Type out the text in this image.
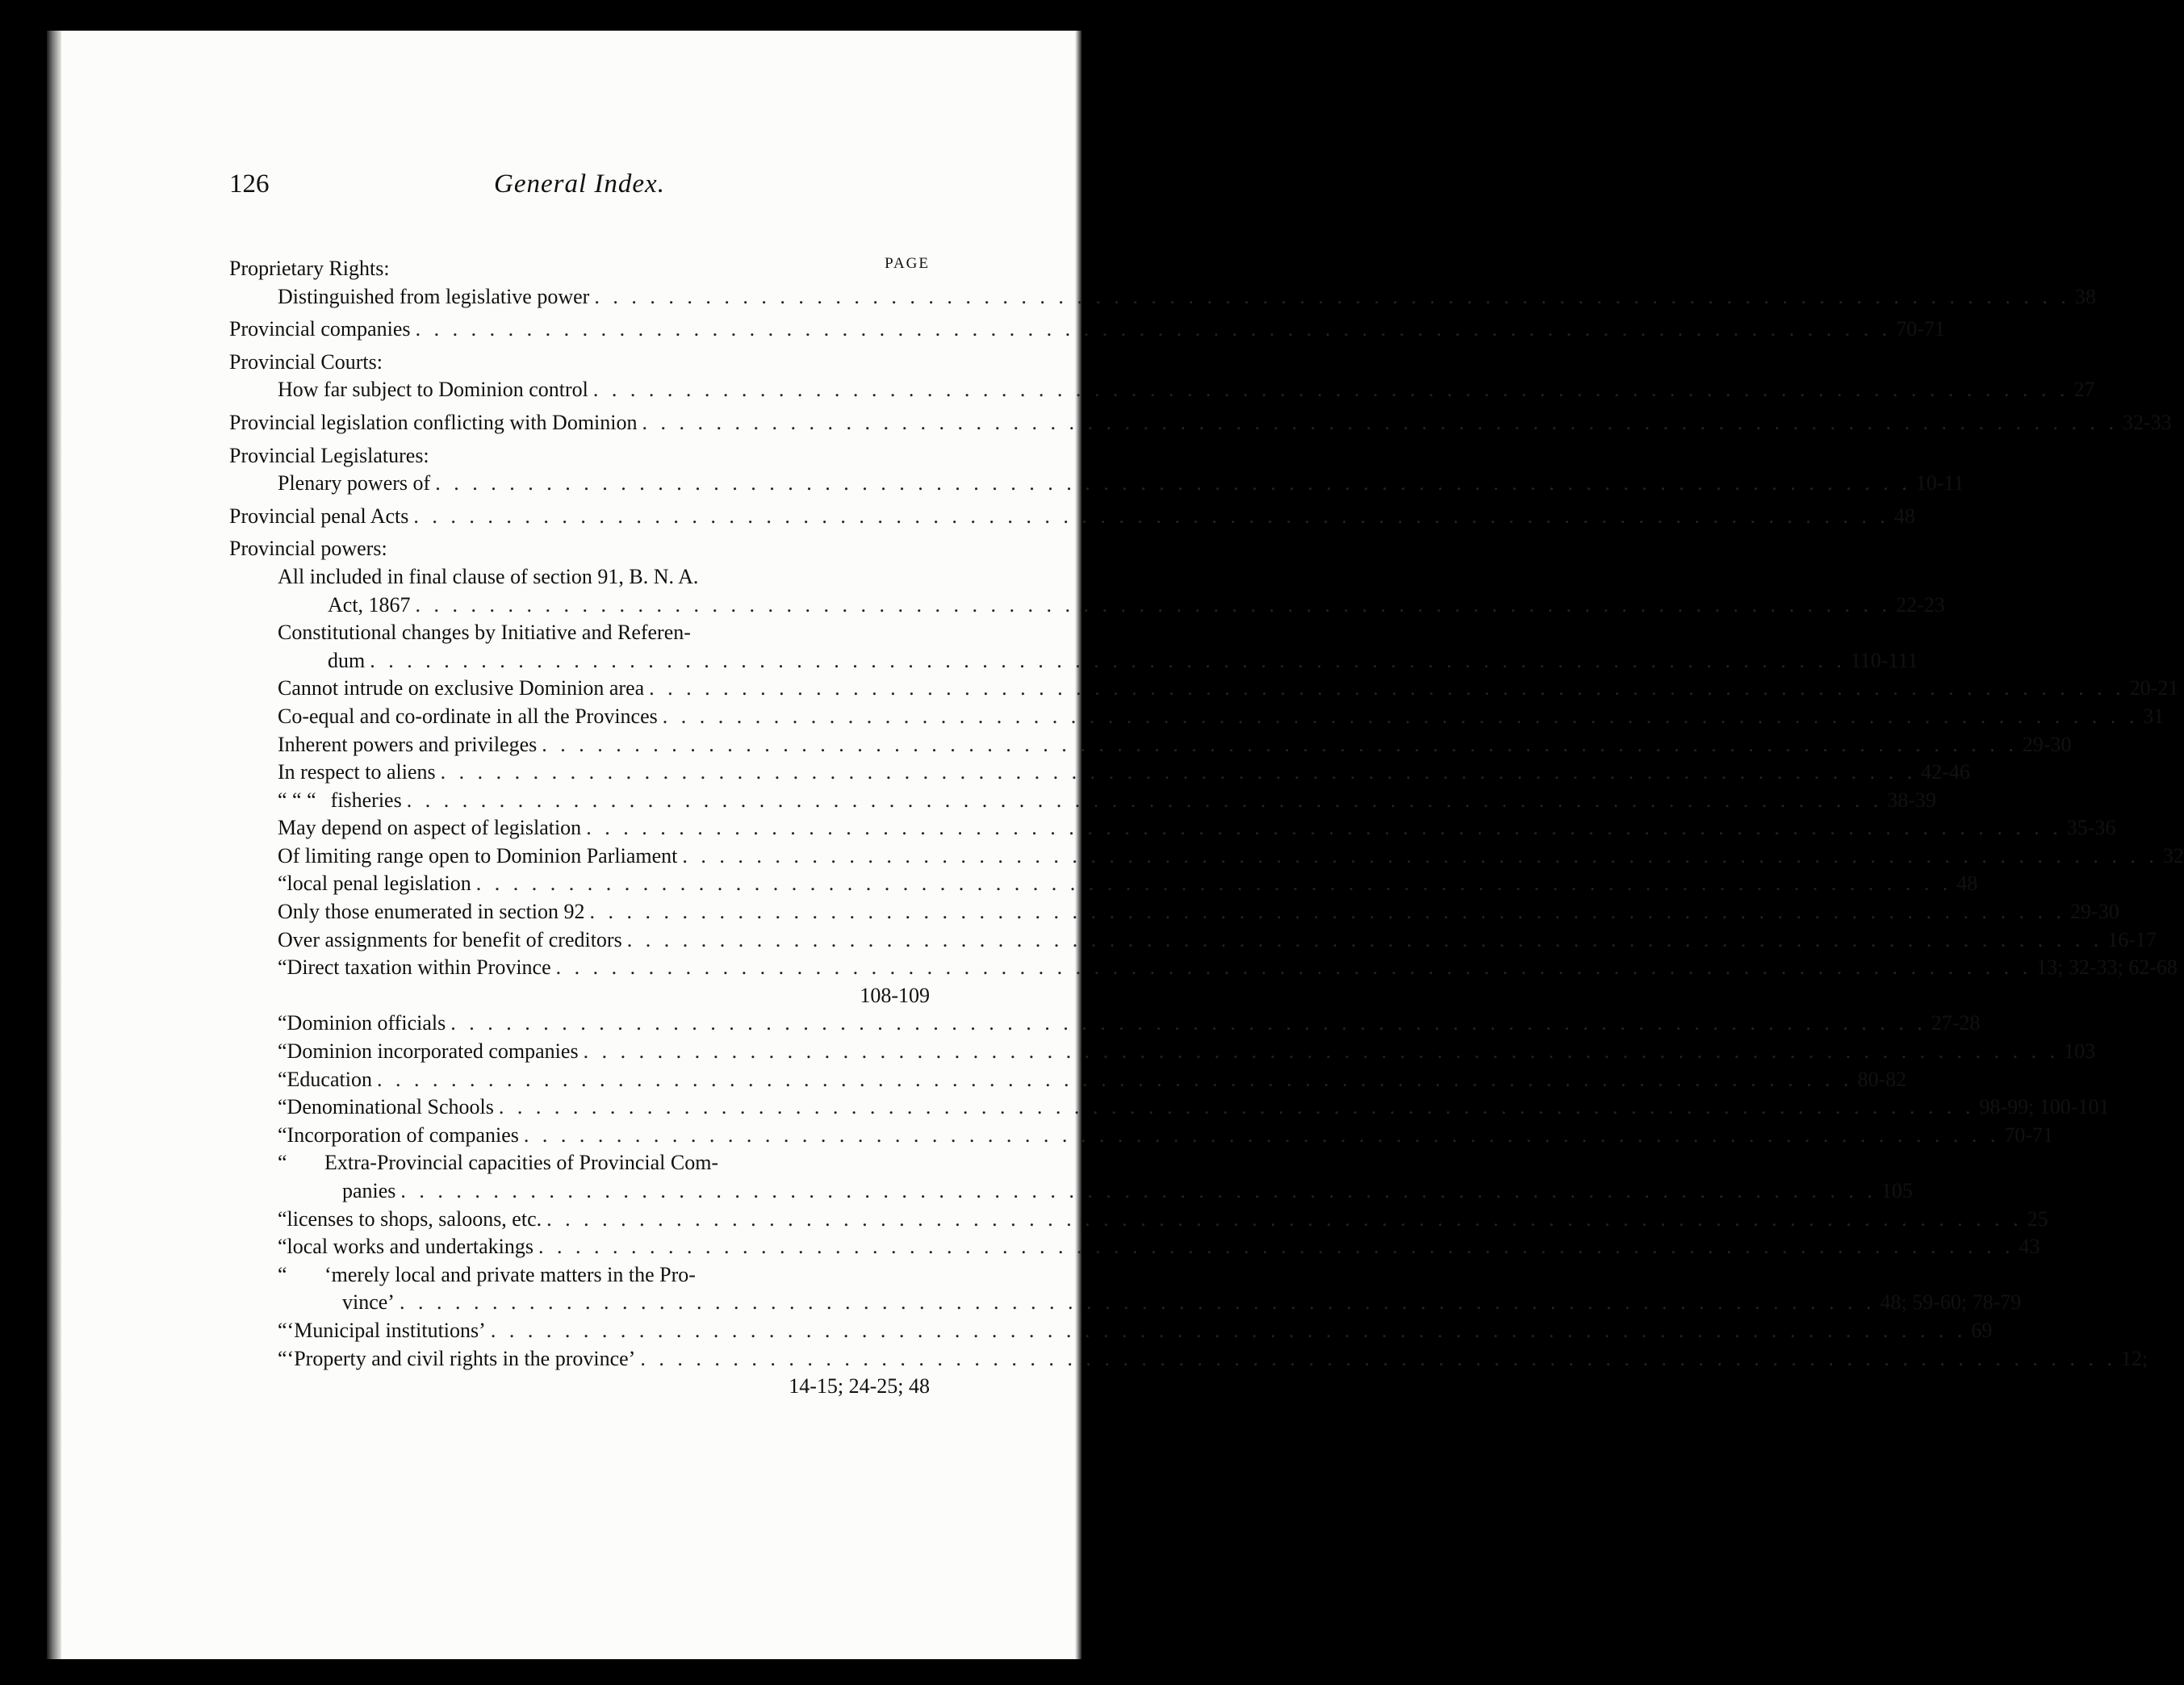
126	General Index.
PAGE
Proprietary Rights:
Distinguished from legislative power . . . . . . . . . . . . . . . . . . . . . . . . . . . . . . . . . . . . . . . . . . . . . . . . . . . . . . . . . . . . . . . . . . . . . . . . . . . . . . . . 38
Provincial companies . . . . . . . . . . . . . . . . . . . . . . . . . . . . . . . . . . . . . . . . . . . . . . . . . . . . . . . . . . . . . . . . . . . . . . . . . . . . . . . . 70-71
Provincial Courts:
How far subject to Dominion control . . . . . . . . . . . . . . . . . . . . . . . . . . . . . . . . . . . . . . . . . . . . . . . . . . . . . . . . . . . . . . . . . . . . . . . . . . . . . . . . 27
Provincial legislation conflicting with Dominion . . . . . . . . . . . . . . . . . . . . . . . . . . . . . . . . . . . . . . . . . . . . . . . . . . . . . . . . . . . . . . . . . . . . . . . . . . . . . . . . 32-33
Provincial Legislatures:
Plenary powers of . . . . . . . . . . . . . . . . . . . . . . . . . . . . . . . . . . . . . . . . . . . . . . . . . . . . . . . . . . . . . . . . . . . . . . . . . . . . . . . . 10-11
Provincial penal Acts . . . . . . . . . . . . . . . . . . . . . . . . . . . . . . . . . . . . . . . . . . . . . . . . . . . . . . . . . . . . . . . . . . . . . . . . . . . . . . . . 48
Provincial powers:
All included in final clause of section 91, B. N. A.
Act, 1867 . . . . . . . . . . . . . . . . . . . . . . . . . . . . . . . . . . . . . . . . . . . . . . . . . . . . . . . . . . . . . . . . . . . . . . . . . . . . . . . . 22-23
Constitutional changes by Initiative and Referen-
dum . . . . . . . . . . . . . . . . . . . . . . . . . . . . . . . . . . . . . . . . . . . . . . . . . . . . . . . . . . . . . . . . . . . . . . . . . . . . . . . . 110-111
Cannot intrude on exclusive Dominion area . . . . . . . . . . . . . . . . . . . . . . . . . . . . . . . . . . . . . . . . . . . . . . . . . . . . . . . . . . . . . . . . . . . . . . . . . . . . . . . . 20-21
Co-equal and co-ordinate in all the Provinces . . . . . . . . . . . . . . . . . . . . . . . . . . . . . . . . . . . . . . . . . . . . . . . . . . . . . . . . . . . . . . . . . . . . . . . . . . . . . . . . 31
Inherent powers and privileges . . . . . . . . . . . . . . . . . . . . . . . . . . . . . . . . . . . . . . . . . . . . . . . . . . . . . . . . . . . . . . . . . . . . . . . . . . . . . . . . 29-30
In respect to aliens . . . . . . . . . . . . . . . . . . . . . . . . . . . . . . . . . . . . . . . . . . . . . . . . . . . . . . . . . . . . . . . . . . . . . . . . . . . . . . . . 42-46
“ “ “ fisheries . . . . . . . . . . . . . . . . . . . . . . . . . . . . . . . . . . . . . . . . . . . . . . . . . . . . . . . . . . . . . . . . . . . . . . . . . . . . . . . . 38-39
May depend on aspect of legislation . . . . . . . . . . . . . . . . . . . . . . . . . . . . . . . . . . . . . . . . . . . . . . . . . . . . . . . . . . . . . . . . . . . . . . . . . . . . . . . . 35-36
Of limiting range open to Dominion Parliament . . . . . . . . . . . . . . . . . . . . . . . . . . . . . . . . . . . . . . . . . . . . . . . . . . . . . . . . . . . . . . . . . . . . . . . . . . . . . . . . 32
“ local penal legislation . . . . . . . . . . . . . . . . . . . . . . . . . . . . . . . . . . . . . . . . . . . . . . . . . . . . . . . . . . . . . . . . . . . . . . . . . . . . . . . . 48
Only those enumerated in section 92 . . . . . . . . . . . . . . . . . . . . . . . . . . . . . . . . . . . . . . . . . . . . . . . . . . . . . . . . . . . . . . . . . . . . . . . . . . . . . . . . 29-30
Over assignments for benefit of creditors . . . . . . . . . . . . . . . . . . . . . . . . . . . . . . . . . . . . . . . . . . . . . . . . . . . . . . . . . . . . . . . . . . . . . . . . . . . . . . . . 16-17
“ Direct taxation within Province . . . . . . . . . . . . . . . . . . . . . . . . . . . . . . . . . . . . . . . . . . . . . . . . . . . . . . . . . . . . . . . . . . . . . . . . . . . . . . . . 13; 32-33; 62-68
108-109
“ Dominion officials . . . . . . . . . . . . . . . . . . . . . . . . . . . . . . . . . . . . . . . . . . . . . . . . . . . . . . . . . . . . . . . . . . . . . . . . . . . . . . . . 27-28
“ Dominion incorporated companies . . . . . . . . . . . . . . . . . . . . . . . . . . . . . . . . . . . . . . . . . . . . . . . . . . . . . . . . . . . . . . . . . . . . . . . . . . . . . . . . 103
“ Education . . . . . . . . . . . . . . . . . . . . . . . . . . . . . . . . . . . . . . . . . . . . . . . . . . . . . . . . . . . . . . . . . . . . . . . . . . . . . . . . 80-82
“ Denominational Schools . . . . . . . . . . . . . . . . . . . . . . . . . . . . . . . . . . . . . . . . . . . . . . . . . . . . . . . . . . . . . . . . . . . . . . . . . . . . . . . . 98-99; 100-101
“ Incorporation of companies . . . . . . . . . . . . . . . . . . . . . . . . . . . . . . . . . . . . . . . . . . . . . . . . . . . . . . . . . . . . . . . . . . . . . . . . . . . . . . . . 70-71
“	Extra-Provincial capacities of Provincial Com-
panies . . . . . . . . . . . . . . . . . . . . . . . . . . . . . . . . . . . . . . . . . . . . . . . . . . . . . . . . . . . . . . . . . . . . . . . . . . . . . . . . 105
“ licenses to shops, saloons, etc. . . . . . . . . . . . . . . . . . . . . . . . . . . . . . . . . . . . . . . . . . . . . . . . . . . . . . . . . . . . . . . . . . . . . . . . . . . . . . . . . 25
“ local works and undertakings . . . . . . . . . . . . . . . . . . . . . . . . . . . . . . . . . . . . . . . . . . . . . . . . . . . . . . . . . . . . . . . . . . . . . . . . . . . . . . . . 43
“	‘merely local and private matters in the Pro-
vince’ . . . . . . . . . . . . . . . . . . . . . . . . . . . . . . . . . . . . . . . . . . . . . . . . . . . . . . . . . . . . . . . . . . . . . . . . . . . . . . . . 48; 59-60; 78-79
“ ‘Municipal institutions’ . . . . . . . . . . . . . . . . . . . . . . . . . . . . . . . . . . . . . . . . . . . . . . . . . . . . . . . . . . . . . . . . . . . . . . . . . . . . . . . . 69
“ ‘Property and civil rights in the province’ . . . . . . . . . . . . . . . . . . . . . . . . . . . . . . . . . . . . . . . . . . . . . . . . . . . . . . . . . . . . . . . . . . . . . . . . . . . . . . . . 12;
14-15; 24-25; 48
